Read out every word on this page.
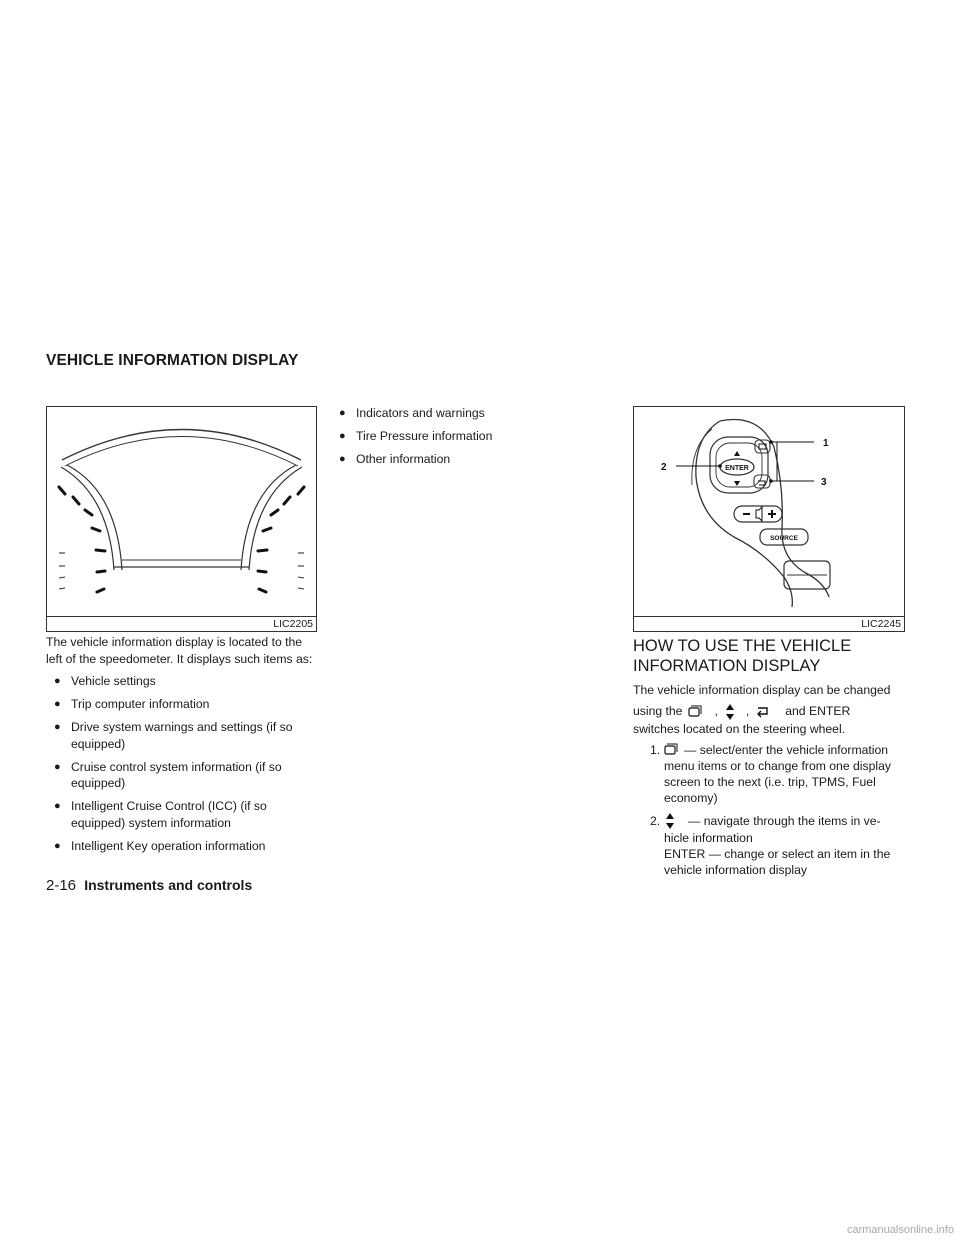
VEHICLE INFORMATION DISPLAY
LIC2205
The vehicle information display is located to the left of the speedometer. It displays such items as:
● Vehicle settings
● Trip computer information
● Drive system warnings and settings (if so equipped)
● Cruise control system information (if so equipped)
● Intelligent Cruise Control (ICC) (if so equipped) system information
● Intelligent Key operation information
● Indicators and warnings
● Tire Pressure information
● Other information
ENTER
1
2
3
SOURCE
LIC2245
HOW TO USE THE VEHICLE
INFORMATION DISPLAY
The vehicle information display can be changed
using the	, ,	and ENTER
switches located on the steering wheel.
1. — select/enter the vehicle information
menu items or to change from one display screen to the next (i.e. trip, TPMS, Fuel economy)
2. — navigate through the items in ve-
hicle information
ENTER — change or select an item in the vehicle information display
2-16 Instruments and controls
carmanualsonline.info
